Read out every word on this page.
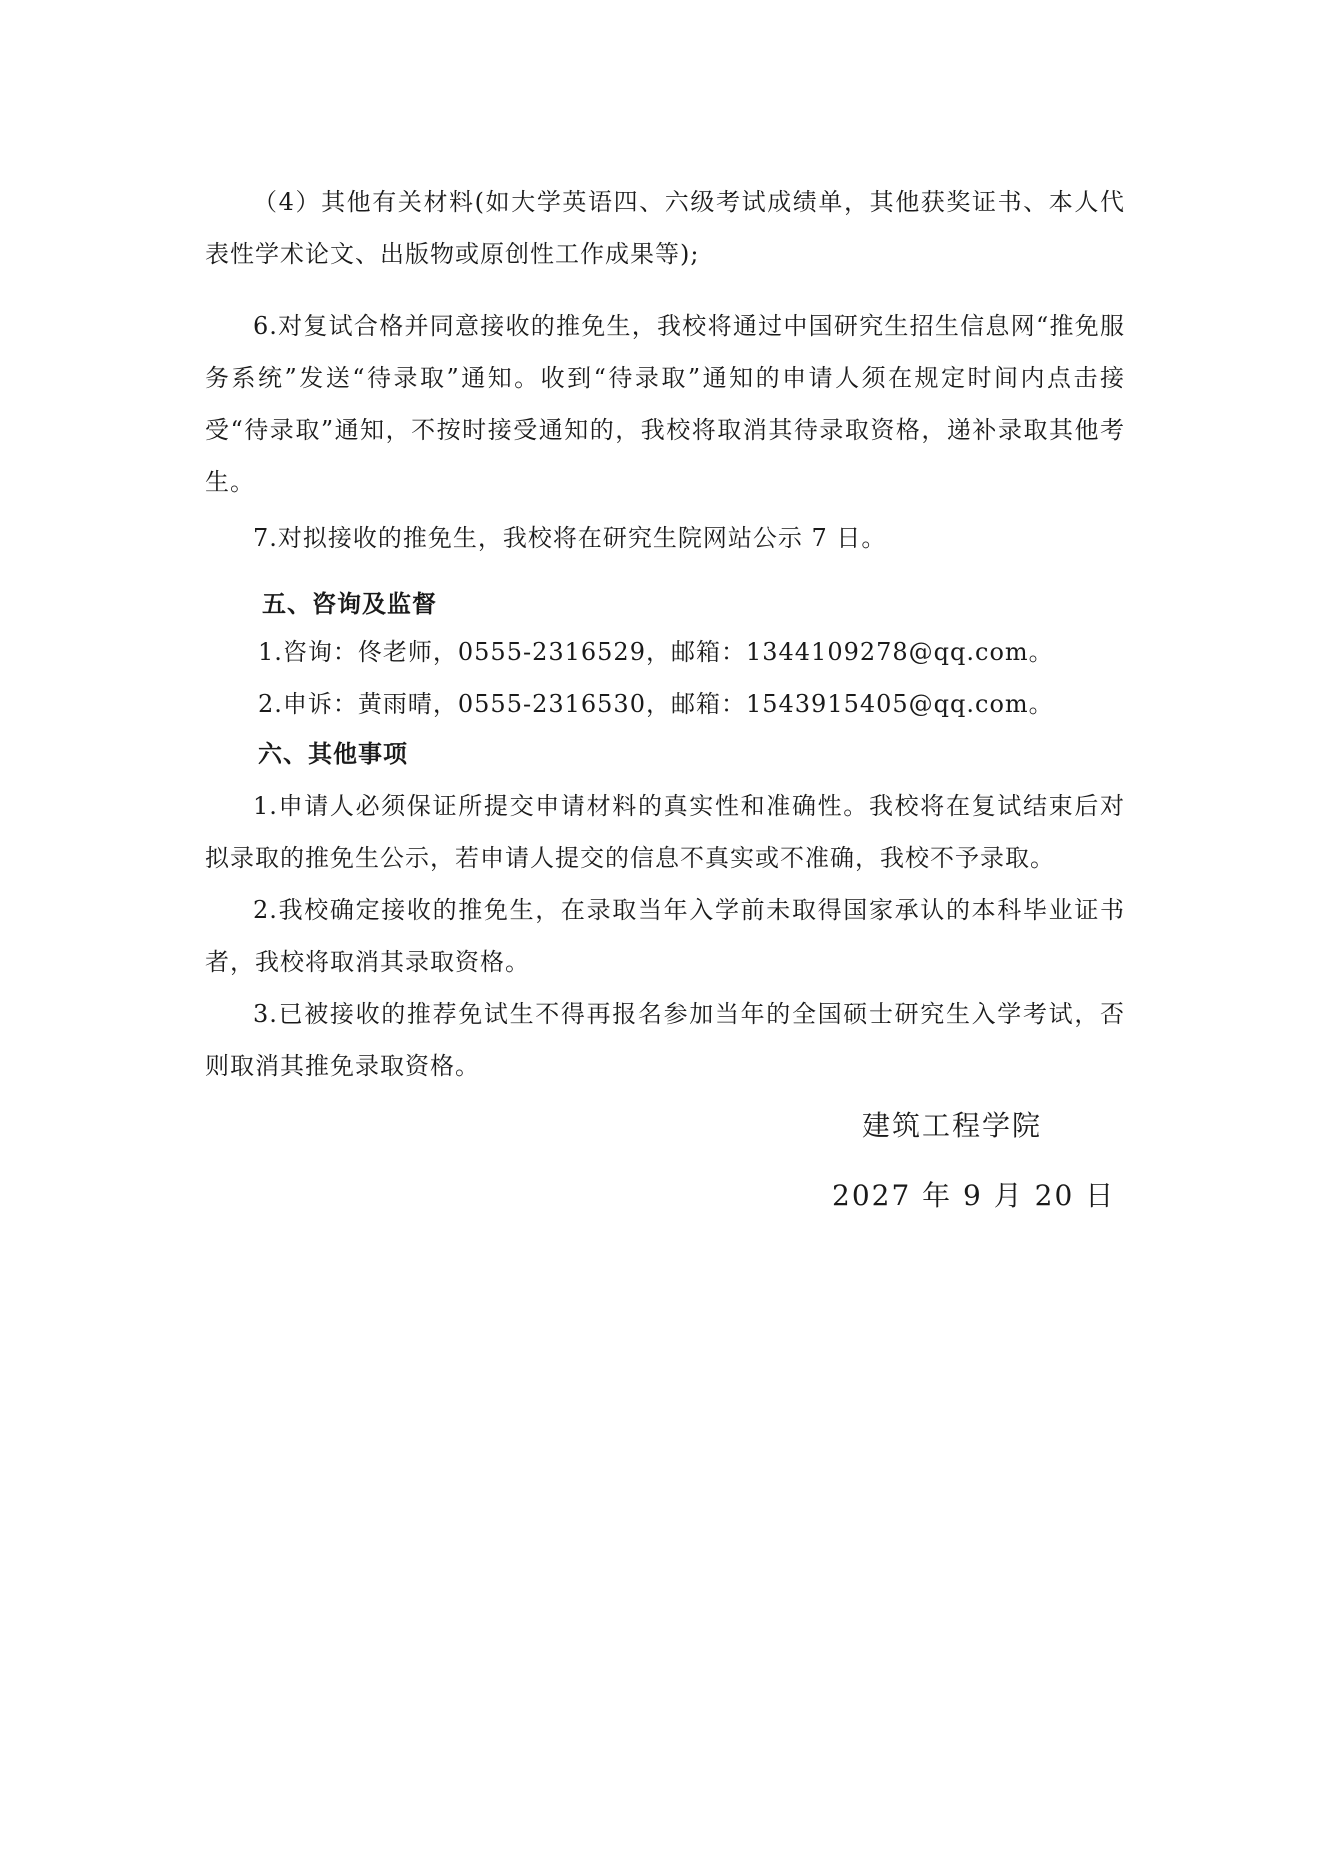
（4）其他有关材料(如大学英语四、六级考试成绩单，其他获奖证书、本人代表性学术论文、出版物或原创性工作成果等);

6.对复试合格并同意接收的推免生，我校将通过中国研究生招生信息网“推免服务系统”发送“待录取”通知。收到“待录取”通知的申请人须在规定时间内点击接受“待录取”通知，不按时接受通知的，我校将取消其待录取资格，递补录取其他考生。

7.对拟接收的推免生，我校将在研究生院网站公示 7 日。

五、咨询及监督

1.咨询：佟老师，0555-2316529，邮箱：1344109278@qq.com。

2.申诉：黄雨晴，0555-2316530，邮箱：1543915405@qq.com。

六、其他事项

1.申请人必须保证所提交申请材料的真实性和准确性。我校将在复试结束后对拟录取的推免生公示，若申请人提交的信息不真实或不准确，我校不予录取。

2.我校确定接收的推免生，在录取当年入学前未取得国家承认的本科毕业证书者，我校将取消其录取资格。

3.已被接收的推荐免试生不得再报名参加当年的全国硕士研究生入学考试，否则取消其推免录取资格。

建筑工程学院

2027 年 9 月 20 日
